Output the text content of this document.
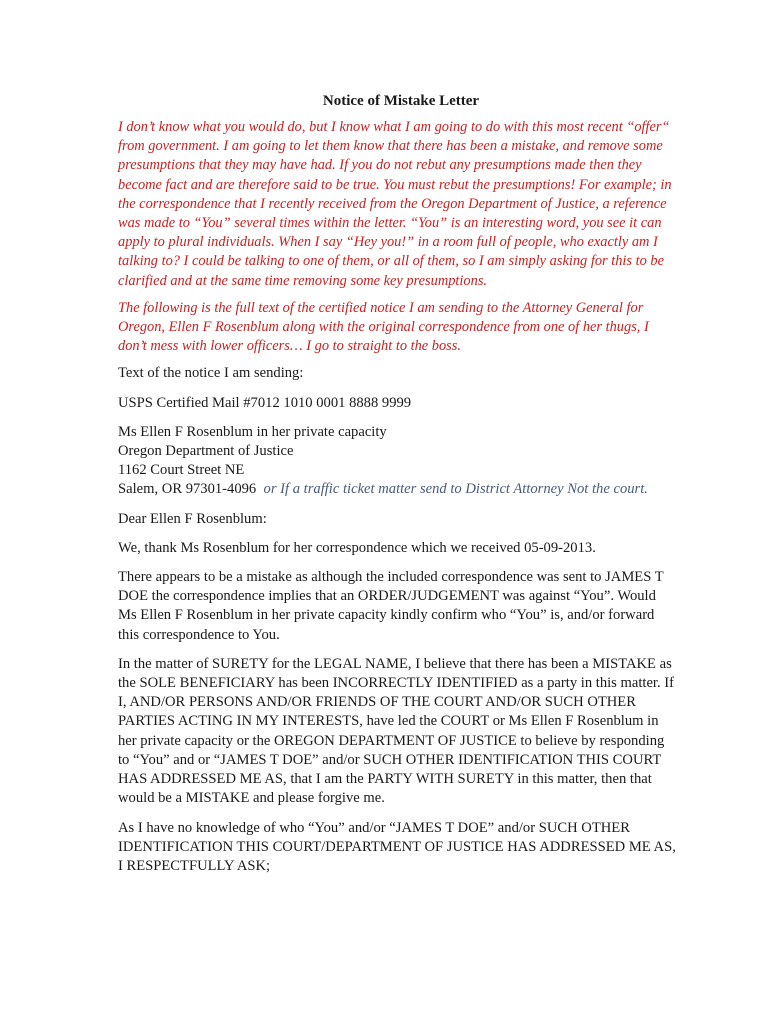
Notice of Mistake Letter

I don’t know what you would do, but I know what I am going to do with this most recent “offer“ from government. I am going to let them know that there has been a mistake, and remove some presumptions that they may have had. If you do not rebut any presumptions made then they become fact and are therefore said to be true. You must rebut the presumptions! For example; in the correspondence that I recently received from the Oregon Department of Justice, a reference was made to “You” several times within the letter. “You” is an interesting word, you see it can apply to plural individuals. When I say “Hey you!” in a room full of people, who exactly am I talking to? I could be talking to one of them, or all of them, so I am simply asking for this to be clarified and at the same time removing some key presumptions.

The following is the full text of the certified notice I am sending to the Attorney General for Oregon, Ellen F Rosenblum along with the original correspondence from one of her thugs, I don’t mess with lower officers… I go to straight to the boss.

Text of the notice I am sending:

USPS Certified Mail #7012 1010 0001 8888 9999

Ms Ellen F Rosenblum in her private capacity
Oregon Department of Justice
1162 Court Street NE
Salem, OR 97301-4096 or If a traffic ticket matter send to District Attorney Not the court.

Dear Ellen F Rosenblum:

We, thank Ms Rosenblum for her correspondence which we received 05-09-2013.

There appears to be a mistake as although the included correspondence was sent to JAMES T DOE the correspondence implies that an ORDER/JUDGEMENT was against “You”. Would Ms Ellen F Rosenblum in her private capacity kindly confirm who “You” is, and/or forward this correspondence to You.

In the matter of SURETY for the LEGAL NAME, I believe that there has been a MISTAKE as the SOLE BENEFICIARY has been INCORRECTLY IDENTIFIED as a party in this matter. If I, AND/OR PERSONS AND/OR FRIENDS OF THE COURT AND/OR SUCH OTHER PARTIES ACTING IN MY INTERESTS, have led the COURT or Ms Ellen F Rosenblum in her private capacity or the OREGON DEPARTMENT OF JUSTICE to believe by responding to “You” and or “JAMES T DOE” and/or SUCH OTHER IDENTIFICATION THIS COURT HAS ADDRESSED ME AS, that I am the PARTY WITH SURETY in this matter, then that would be a MISTAKE and please forgive me.

As I have no knowledge of who “You” and/or “JAMES T DOE” and/or SUCH OTHER IDENTIFICATION THIS COURT/DEPARTMENT OF JUSTICE HAS ADDRESSED ME AS, I RESPECTFULLY ASK;
